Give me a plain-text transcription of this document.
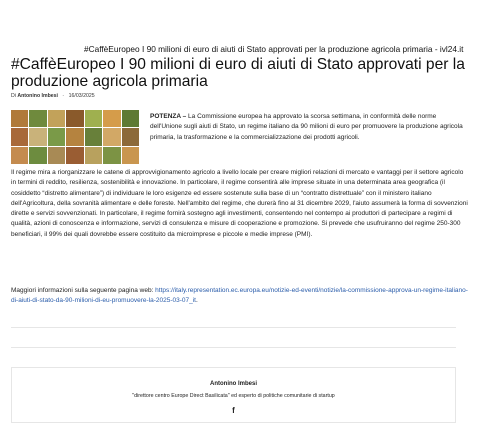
#CaffèEuropeo I 90 milioni di euro di aiuti di Stato approvati per la produzione agricola primaria - ivl24.it
#CaffèEuropeo I 90 milioni di euro di aiuti di Stato approvati per la produzione agricola primaria
Di Antonino Imbesi - 16/03/2025
POTENZA – La Commissione europea ha approvato la scorsa settimana, in conformità delle norme dell'Unione sugli aiuti di Stato, un regime italiano da 90 milioni di euro per promuovere la produzione agricola primaria, la trasformazione e la commercializzazione dei prodotti agricoli.
Il regime mira a riorganizzare le catene di approvvigionamento agricolo a livello locale per creare migliori relazioni di mercato e vantaggi per il settore agricolo in termini di reddito, resilienza, sostenibilità e innovazione. In particolare, il regime consentirà alle imprese situate in una determinata area geografica (il cosiddetto “distretto alimentare”) di individuare le loro esigenze ed essere sostenute sulla base di un “contratto distrettuale” con il ministero italiano dell'Agricoltura, della sovranità alimentare e delle foreste. Nell'ambito del regime, che durerà fino al 31 dicembre 2029, l'aiuto assumerà la forma di sovvenzioni dirette e servizi sovvenzionati. In particolare, il regime fornirà sostegno agli investimenti, consentendo nel contempo ai produttori di partecipare a regimi di qualità, azioni di conoscenza e informazione, servizi di consulenza e misure di cooperazione e promozione. Si prevede che usufruiranno del regime 250-300 beneficiari, il 99% dei quali dovrebbe essere costituito da microimprese e piccole e medie imprese (PMI).
Maggiori informazioni sulla seguente pagina web: https://italy.representation.ec.europa.eu/notizie-ed-eventi/notizie/la-commissione-approva-un-regime-italiano-di-aiuti-di-stato-da-90-milioni-di-eu-promuovere-la-2025-03-07_it.
Antonino Imbesi
"direttore centro Europe Direct Basilicata" ed esperto di politiche comunitarie di startup
f
